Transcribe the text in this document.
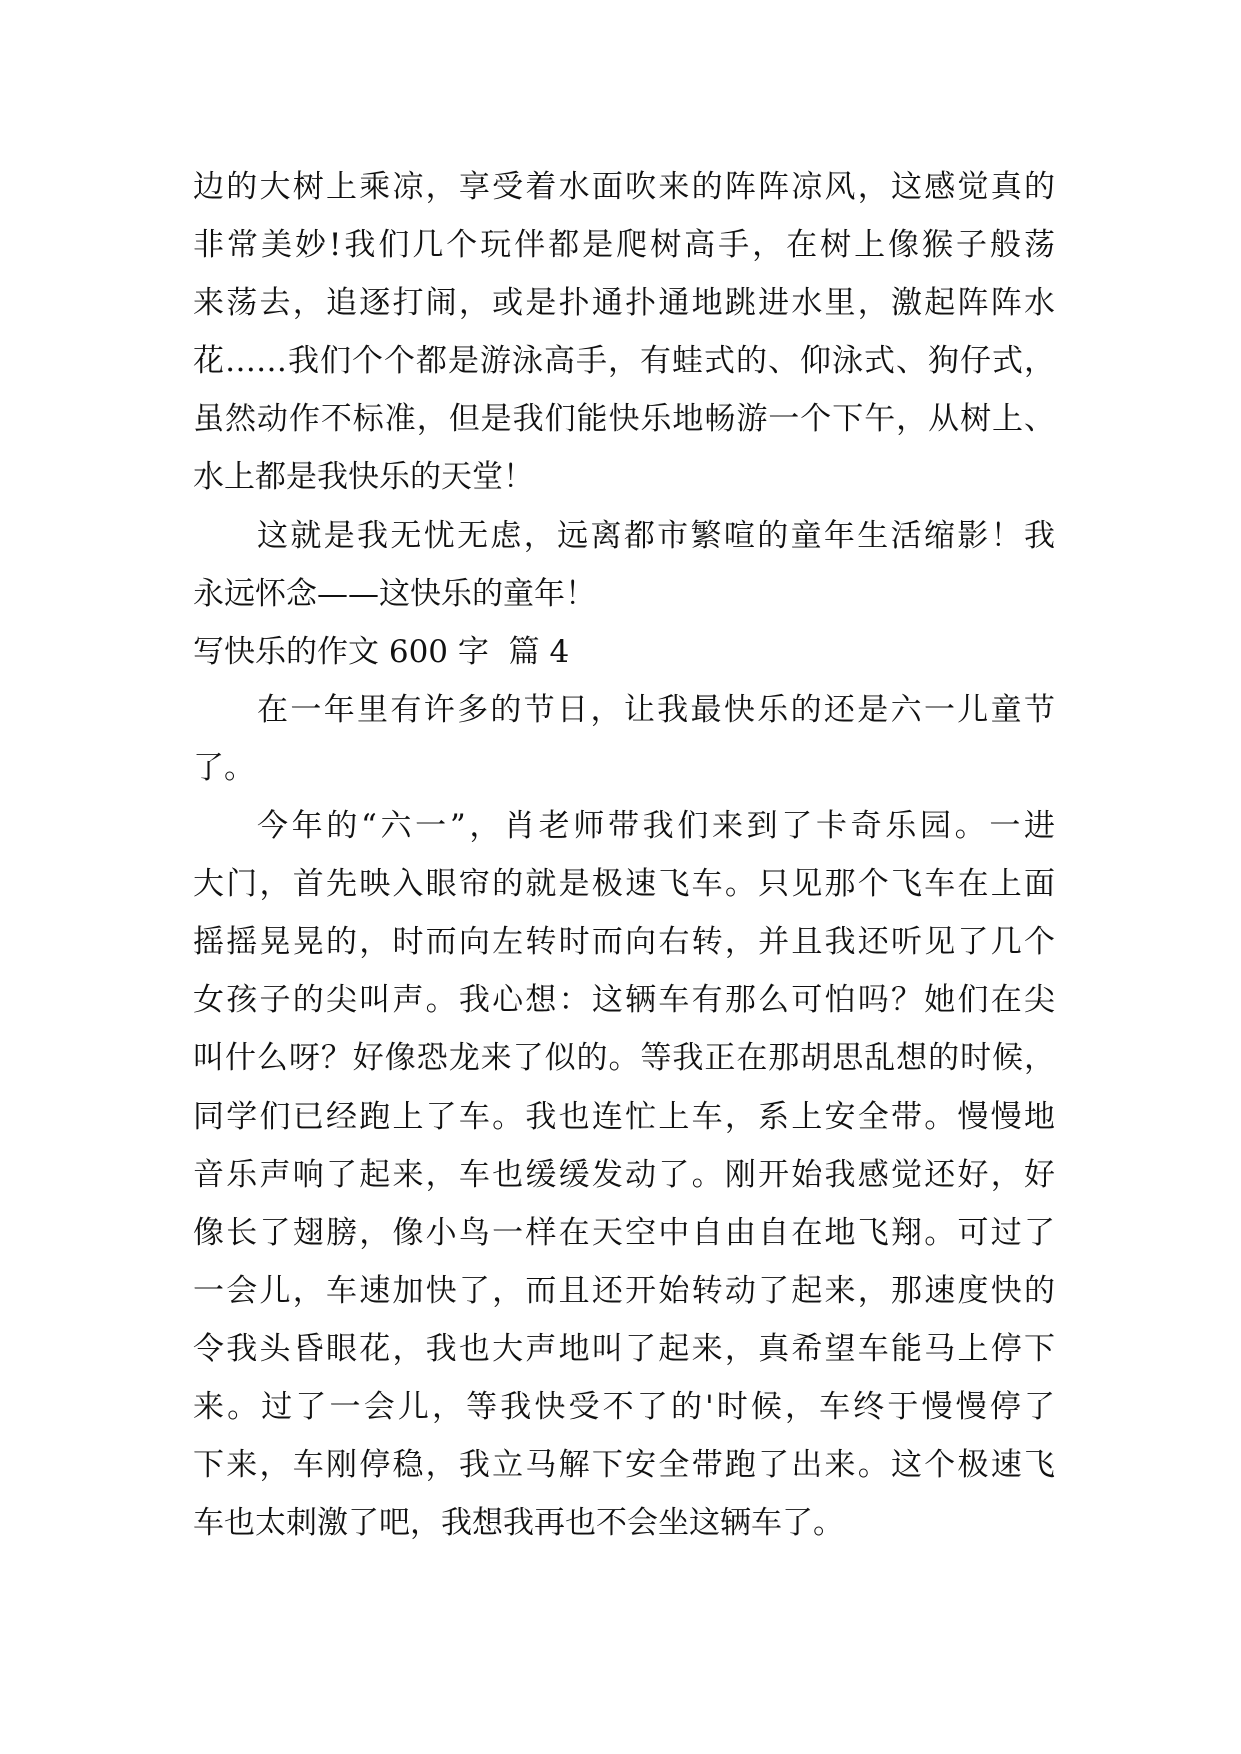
边的大树上乘凉，享受着水面吹来的阵阵凉风，这感觉真的
非常美妙!我们几个玩伴都是爬树高手，在树上像猴子般荡
来荡去，追逐打闹，或是扑通扑通地跳进水里，激起阵阵水
花……我们个个都是游泳高手，有蛙式的、仰泳式、狗仔式，
虽然动作不标准，但是我们能快乐地畅游一个下午，从树上、
水上都是我快乐的天堂！
这就是我无忧无虑，远离都市繁喧的童年生活缩影！我
永远怀念——这快乐的童年！
写快乐的作文 600 字  篇 4
在一年里有许多的节日，让我最快乐的还是六一儿童节
了。
今年的“六一”，肖老师带我们来到了卡奇乐园。一进
大门，首先映入眼帘的就是极速飞车。只见那个飞车在上面
摇摇晃晃的，时而向左转时而向右转，并且我还听见了几个
女孩子的尖叫声。我心想：这辆车有那么可怕吗？她们在尖
叫什么呀？好像恐龙来了似的。等我正在那胡思乱想的时候，
同学们已经跑上了车。我也连忙上车，系上安全带。慢慢地
音乐声响了起来，车也缓缓发动了。刚开始我感觉还好，好
像长了翅膀，像小鸟一样在天空中自由自在地飞翔。可过了
一会儿，车速加快了，而且还开始转动了起来，那速度快的
令我头昏眼花，我也大声地叫了起来，真希望车能马上停下
来。过了一会儿，等我快受不了的'时候，车终于慢慢停了
下来，车刚停稳，我立马解下安全带跑了出来。这个极速飞
车也太刺激了吧，我想我再也不会坐这辆车了。
